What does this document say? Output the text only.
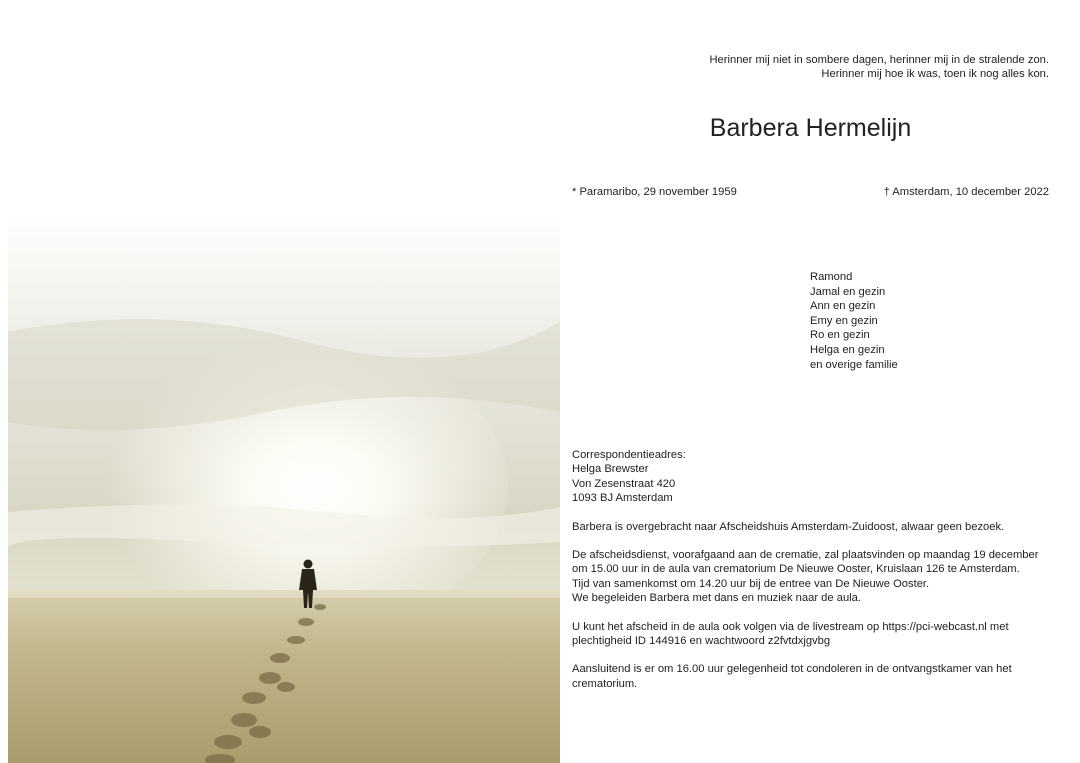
Herinner mij niet in sombere dagen, herinner mij in de stralende zon.
Herinner mij hoe ik was, toen ik nog alles kon.
Barbera Hermelijn
* Paramaribo, 29 november 1959	† Amsterdam, 10 december 2022
Ramond
Jamal en gezin
Ann en gezin
Emy en gezin
Ro en gezin
Helga en gezin
en overige familie

Correspondentieadres:
Helga Brewster
Von Zesenstraat 420
1093 BJ Amsterdam

Barbera is overgebracht naar Afscheidshuis Amsterdam-Zuidoost, alwaar geen bezoek.

De afscheidsdienst, voorafgaand aan de crematie, zal plaatsvinden op maandag 19 december om 15.00 uur in de aula van crematorium De Nieuwe Ooster, Kruislaan 126 te Amsterdam.
Tijd van samenkomst om 14.20 uur bij de entree van De Nieuwe Ooster.
We begeleiden Barbera met dans en muziek naar de aula.

U kunt het afscheid in de aula ook volgen via de livestream op https://pci-webcast.nl met plechtigheid ID 144916 en wachtwoord z2fvtdxjgvbg

Aansluitend is er om 16.00 uur gelegenheid tot condoleren in de ontvangstkamer van het crematorium.
